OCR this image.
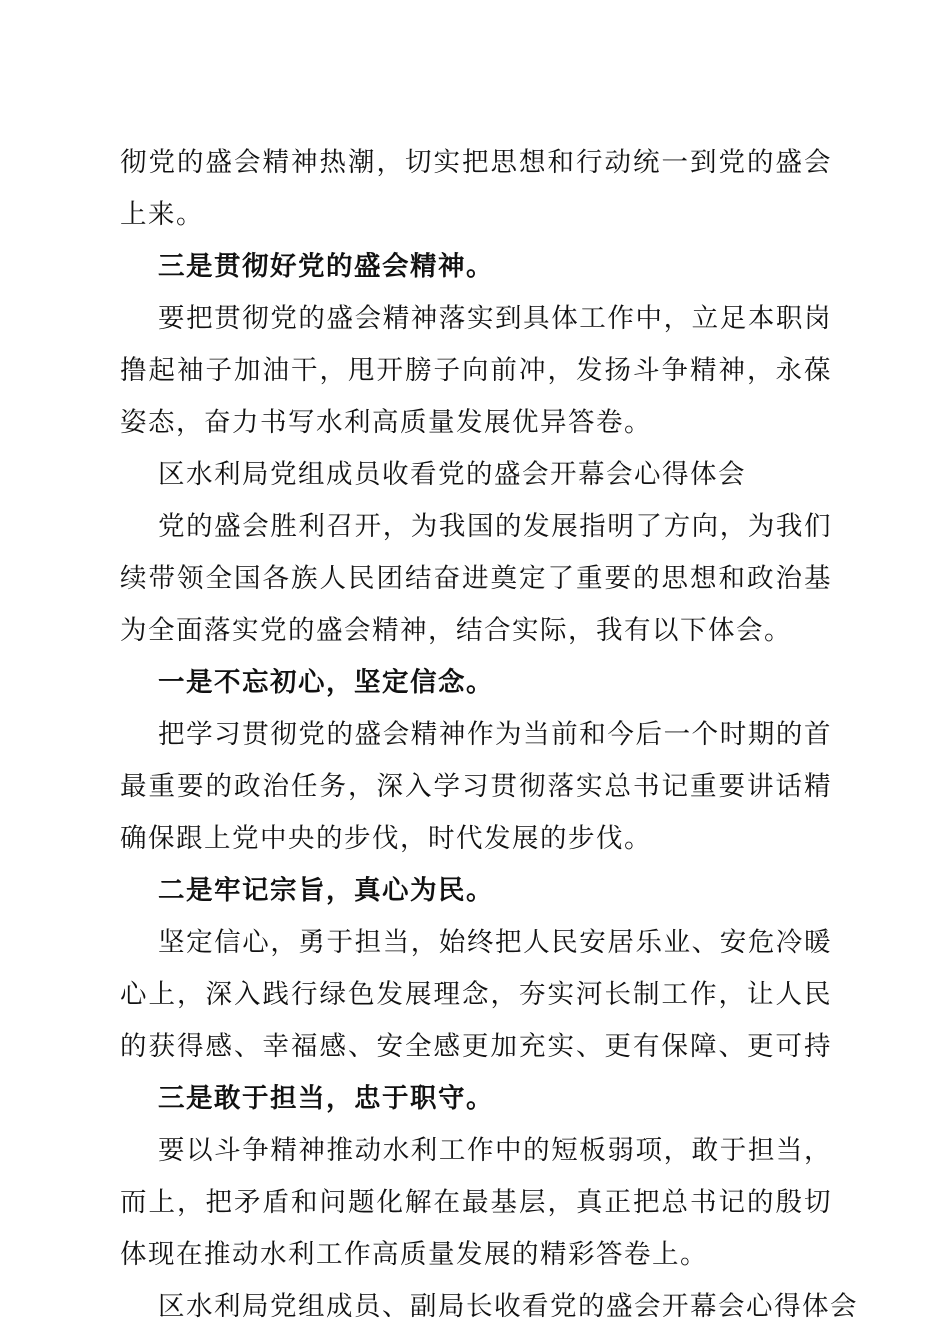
彻党的盛会精神热潮，切实把思想和行动统一到党的盛会
上来。
三是贯彻好党的盛会精神。
要把贯彻党的盛会精神落实到具体工作中，立足本职岗
撸起袖子加油干，甩开膀子向前冲，发扬斗争精神，永葆
姿态，奋力书写水利高质量发展优异答卷。
区水利局党组成员收看党的盛会开幕会心得体会
党的盛会胜利召开，为我国的发展指明了方向，为我们
续带领全国各族人民团结奋进奠定了重要的思想和政治基
为全面落实党的盛会精神，结合实际，我有以下体会。
一是不忘初心，坚定信念。
把学习贯彻党的盛会精神作为当前和今后一个时期的首
最重要的政治任务，深入学习贯彻落实总书记重要讲话精
确保跟上党中央的步伐，时代发展的步伐。
二是牢记宗旨，真心为民。
坚定信心，勇于担当，始终把人民安居乐业、安危冷暖
心上，深入践行绿色发展理念，夯实河长制工作，让人民
的获得感、幸福感、安全感更加充实、更有保障、更可持
三是敢于担当，忠于职守。
要以斗争精神推动水利工作中的短板弱项，敢于担当，
而上，把矛盾和问题化解在最基层，真正把总书记的殷切
体现在推动水利工作高质量发展的精彩答卷上。
区水利局党组成员、副局长收看党的盛会开幕会心得体会
